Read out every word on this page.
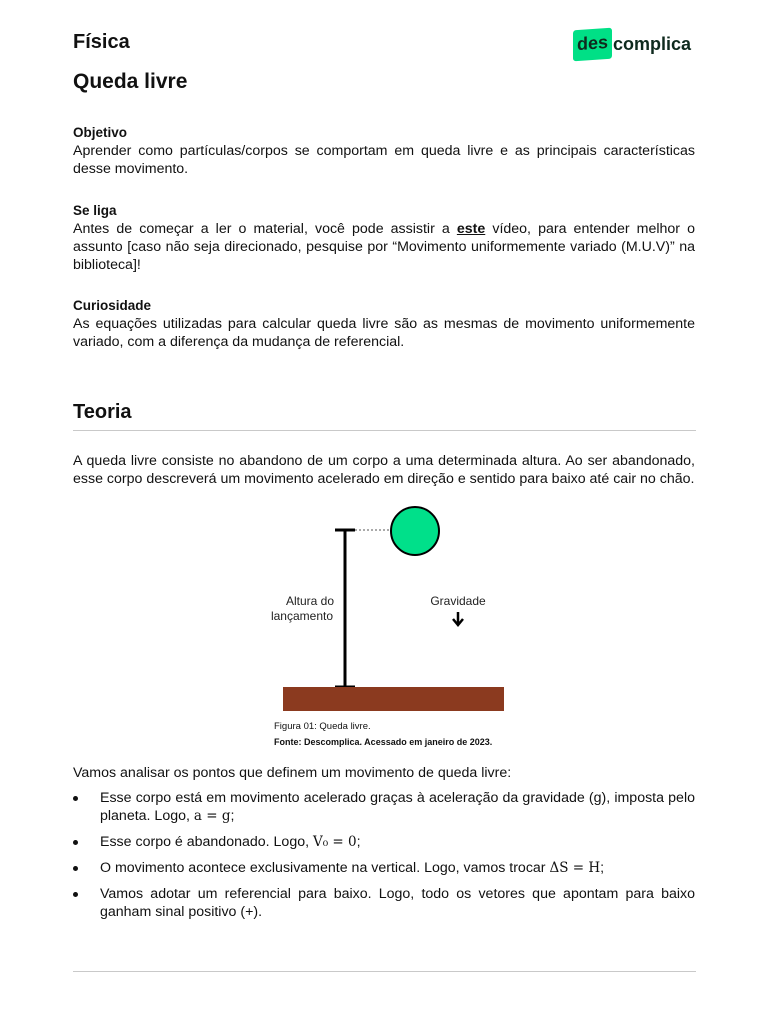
Física	des complica
Queda livre
Objetivo

Aprender como partículas/corpos se comportam em queda livre e as principais características desse movimento.

Se liga

Antes de começar a ler o material, você pode assistir a este vídeo, para entender melhor o assunto [caso não seja direcionado, pesquise por “Movimento uniformemente variado (M.U.V)” na biblioteca]!

Curiosidade

As equações utilizadas para calcular queda livre são as mesmas de movimento uniformemente variado, com a diferença da mudança de referencial.

Teoria
A queda livre consiste no abandono de um corpo a uma determinada altura. Ao ser abandonado, esse corpo descreverá um movimento acelerado em direção e sentido para baixo até cair no chão.
Altura do
lançamento
Gravidade
Figura 01: Queda livre.
Fonte: Descomplica. Acessado em janeiro de 2023.
Vamos analisar os pontos que definem um movimento de queda livre:
Esse corpo está em movimento acelerado graças à aceleração da gravidade (g), imposta pelo planeta. Logo, a = g;
Esse corpo é abandonado. Logo, V₀ = 0;
O movimento acontece exclusivamente na vertical. Logo, vamos trocar ΔS = H;
Vamos adotar um referencial para baixo. Logo, todo os vetores que apontam para baixo ganham sinal positivo (+).
